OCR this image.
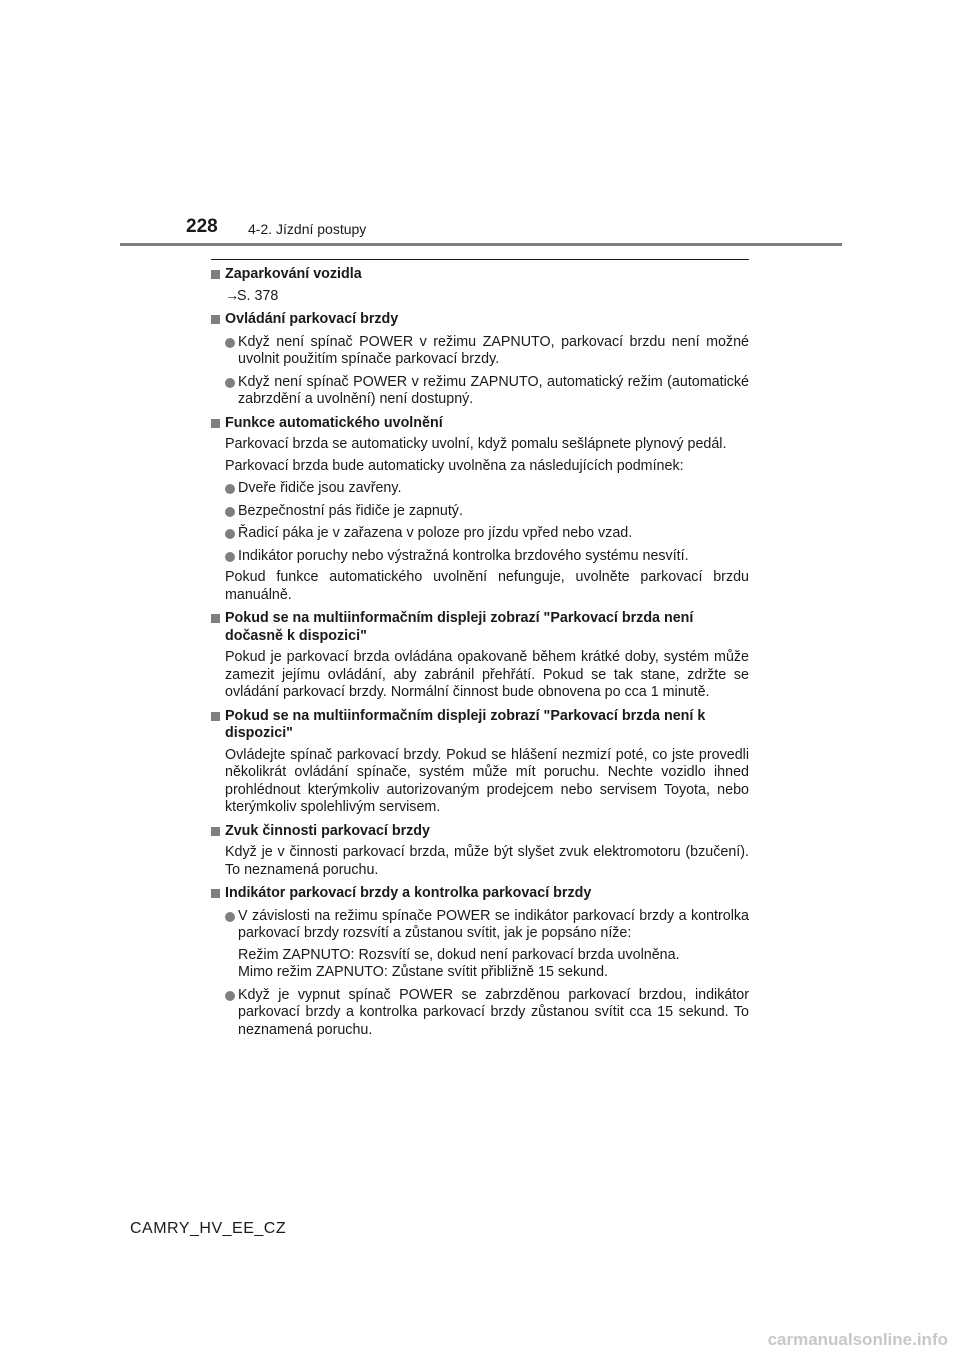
228 4-2. Jízdní postupy
Zaparkování vozidla
→S. 378
Ovládání parkovací brzdy
Když není spínač POWER v režimu ZAPNUTO, parkovací brzdu není možné uvolnit použitím spínače parkovací brzdy.
Když není spínač POWER v režimu ZAPNUTO, automatický režim (automatické zabrzdění a uvolnění) není dostupný.
Funkce automatického uvolnění
Parkovací brzda se automaticky uvolní, když pomalu sešlápnete plynový pedál.
Parkovací brzda bude automaticky uvolněna za následujících podmínek:
Dveře řidiče jsou zavřeny.
Bezpečnostní pás řidiče je zapnutý.
Řadicí páka je v zařazena v poloze pro jízdu vpřed nebo vzad.
Indikátor poruchy nebo výstražná kontrolka brzdového systému nesvítí.
Pokud funkce automatického uvolnění nefunguje, uvolněte parkovací brzdu manuálně.
Pokud se na multiinformačním displeji zobrazí "Parkovací brzda není dočasně k dispozici"
Pokud je parkovací brzda ovládána opakovaně během krátké doby, systém může zamezit jejímu ovládání, aby zabránil přehřátí. Pokud se tak stane, zdržte se ovládání parkovací brzdy. Normální činnost bude obnovena po cca 1 minutě.
Pokud se na multiinformačním displeji zobrazí "Parkovací brzda není k dispozici"
Ovládejte spínač parkovací brzdy. Pokud se hlášení nezmizí poté, co jste provedli několikrát ovládání spínače, systém může mít poruchu. Nechte vozidlo ihned prohlédnout kterýmkoliv autorizovaným prodejcem nebo servisem Toyota, nebo kterýmkoliv spolehlivým servisem.
Zvuk činnosti parkovací brzdy
Když je v činnosti parkovací brzda, může být slyšet zvuk elektromotoru (bzučení). To neznamená poruchu.
Indikátor parkovací brzdy a kontrolka parkovací brzdy
V závislosti na režimu spínače POWER se indikátor parkovací brzdy a kontrolka parkovací brzdy rozsvítí a zůstanou svítit, jak je popsáno níže:
Režim ZAPNUTO: Rozsvítí se, dokud není parkovací brzda uvolněna.
Mimo režim ZAPNUTO: Zůstane svítit přibližně 15 sekund.
Když je vypnut spínač POWER se zabrzděnou parkovací brzdou, indikátor parkovací brzdy a kontrolka parkovací brzdy zůstanou svítit cca 15 sekund. To neznamená poruchu.
CAMRY_HV_EE_CZ
carmanualsonline.info
